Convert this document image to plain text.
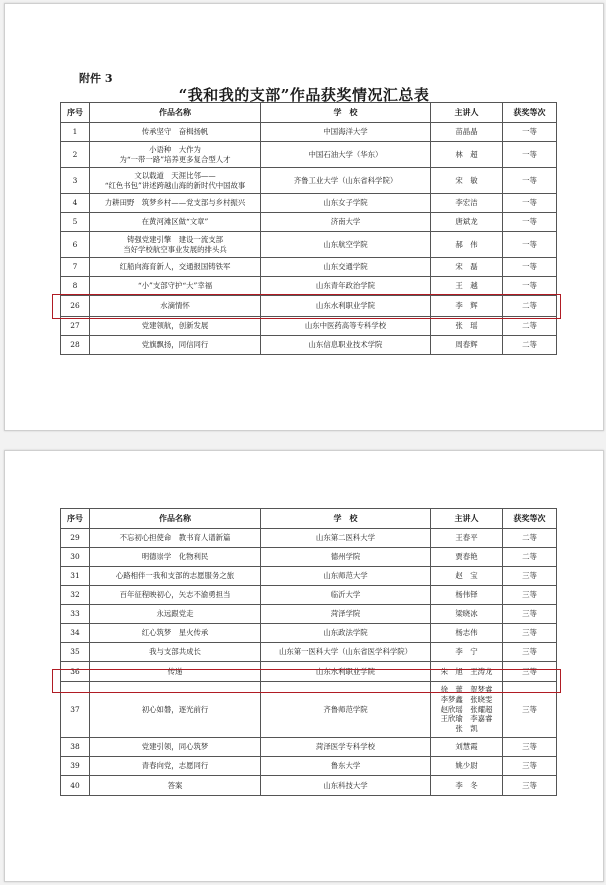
附件 3
“我和我的支部”作品获奖情况汇总表
序号	作品名称	学　校	主讲人	获奖等次
1	传承坚守　奋楫扬帆	中国海洋大学	苗晶晶	一等
2	小语种　大作为
为“一带一路”培养更多复合型人才	中国石油大学（华东）	林　超	一等
3	文以载道　天涯比邻——
“红色书包”讲述跨越山海的新时代中国故事	齐鲁工业大学（山东省科学院）	宋　敏	一等
4	力耕田野　筑梦乡村——党支部与乡村振兴	山东女子学院	李宏洁	一等
5	在黄河滩区做“文章”	济南大学	唐斌龙	一等
6	铸强党建引擎　建设一流支部
当好学校航空事业发展的排头兵	山东航空学院	郝　伟	一等
7	红船向海育新人，交通报国铸铁军	山东交通学院	宋　磊	一等
8	“小”支部守护“大”幸福	山东青年政治学院	王　越	一等
26	水滴情怀	山东水利职业学院	李　辉	二等
27	党建领航，创新发展	山东中医药高等专科学校	张　瑶	二等
28	党旗飘扬，同信同行	山东信息职业技术学院	周春辉	二等
序号	作品名称	学　校	主讲人	获奖等次
29	不忘初心担使命　教书育人谱新篇	山东第二医科大学	王春平	二等
30	明德崇学　化物利民	德州学院	贾春艳	二等
31	心路相伴一我和支部的志愿服务之旅	山东师范大学	赵　宝	三等
32	百年征程映初心，矢志不渝勇担当	临沂大学	杨伟铎	三等
33	永远跟党走	菏泽学院	梁晓冰	三等
34	红心筑梦　星火传承	山东政法学院	杨志伟	三等
35	我与支部共成长	山东第一医科大学（山东省医学科学院）	李　宁	三等
36	传递	山东水利职业学院	朱　旭　王涛龙	三等
37	初心如磐，逐光前行	齐鲁师范学院	徐　蕾　贺梦睿
李梦鑫　张晓雯
赵欣瑶　张耀超
王欣瑜　李嘉睿
张　凯	三等
38	党建引领，同心筑梦	菏泽医学专科学校	刘慧霞	三等
39	青春向党，志愿同行	鲁东大学	姚少尉	三等
40	答案	山东科技大学	李　冬	三等
